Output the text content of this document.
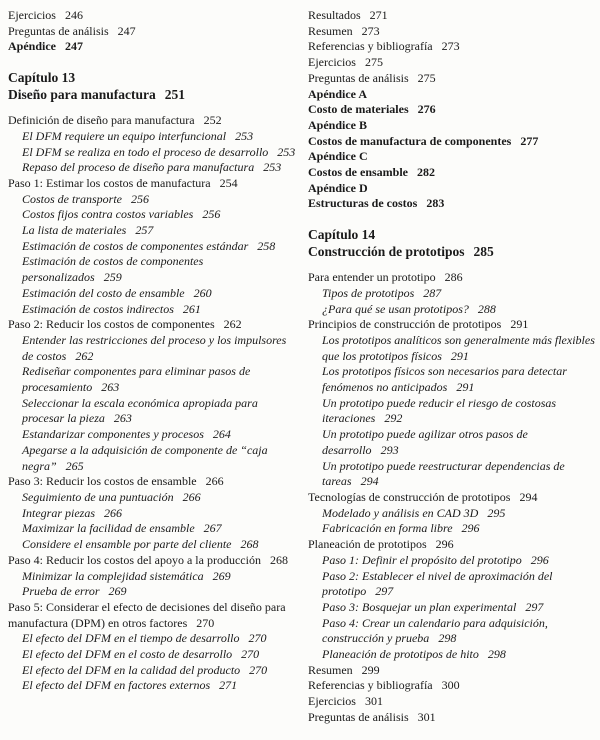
Ejercicios 246
Preguntas de análisis 247
Apéndice 247
Capítulo 13
Diseño para manufactura 251
Definición de diseño para manufactura 252
El DFM requiere un equipo interfuncional 253
El DFM se realiza en todo el proceso de desarrollo 253
Repaso del proceso de diseño para manufactura 253
Paso 1: Estimar los costos de manufactura 254
Costos de transporte 256
Costos fijos contra costos variables 256
La lista de materiales 257
Estimación de costos de componentes estándar 258
Estimación de costos de componentes personalizados 259
Estimación del costo de ensamble 260
Estimación de costos indirectos 261
Paso 2: Reducir los costos de componentes 262
Entender las restricciones del proceso y los impulsores de costos 262
Rediseñar componentes para eliminar pasos de procesamiento 263
Seleccionar la escala económica apropiada para procesar la pieza 263
Estandarizar componentes y procesos 264
Apegarse a la adquisición de componente de “caja negra” 265
Paso 3: Reducir los costos de ensamble 266
Seguimiento de una puntuación 266
Integrar piezas 266
Maximizar la facilidad de ensamble 267
Considere el ensamble por parte del cliente 268
Paso 4: Reducir los costos del apoyo a la producción 268
Minimizar la complejidad sistemática 269
Prueba de error 269
Paso 5: Considerar el efecto de decisiones del diseño para manufactura (DPM) en otros factores 270
El efecto del DFM en el tiempo de desarrollo 270
El efecto del DFM en el costo de desarrollo 270
El efecto del DFM en la calidad del producto 270
El efecto del DFM en factores externos 271
Resultados 271
Resumen 273
Referencias y bibliografía 273
Ejercicios 275
Preguntas de análisis 275
Apéndice A
Costo de materiales 276
Apéndice B
Costos de manufactura de componentes 277
Apéndice C
Costos de ensamble 282
Apéndice D
Estructuras de costos 283
Capítulo 14
Construcción de prototipos 285
Para entender un prototipo 286
Tipos de prototipos 287
¿Para qué se usan prototipos? 288
Principios de construcción de prototipos 291
Los prototipos analíticos son generalmente más flexibles que los prototipos físicos 291
Los prototipos físicos son necesarios para detectar fenómenos no anticipados 291
Un prototipo puede reducir el riesgo de costosas iteraciones 292
Un prototipo puede agilizar otros pasos de desarrollo 293
Un prototipo puede reestructurar dependencias de tareas 294
Tecnologías de construcción de prototipos 294
Modelado y análisis en CAD 3D 295
Fabricación en forma libre 296
Planeación de prototipos 296
Paso 1: Definir el propósito del prototipo 296
Paso 2: Establecer el nivel de aproximación del prototipo 297
Paso 3: Bosquejar un plan experimental 297
Paso 4: Crear un calendario para adquisición, construcción y prueba 298
Planeación de prototipos de hito 298
Resumen 299
Referencias y bibliografía 300
Ejercicios 301
Preguntas de análisis 301
